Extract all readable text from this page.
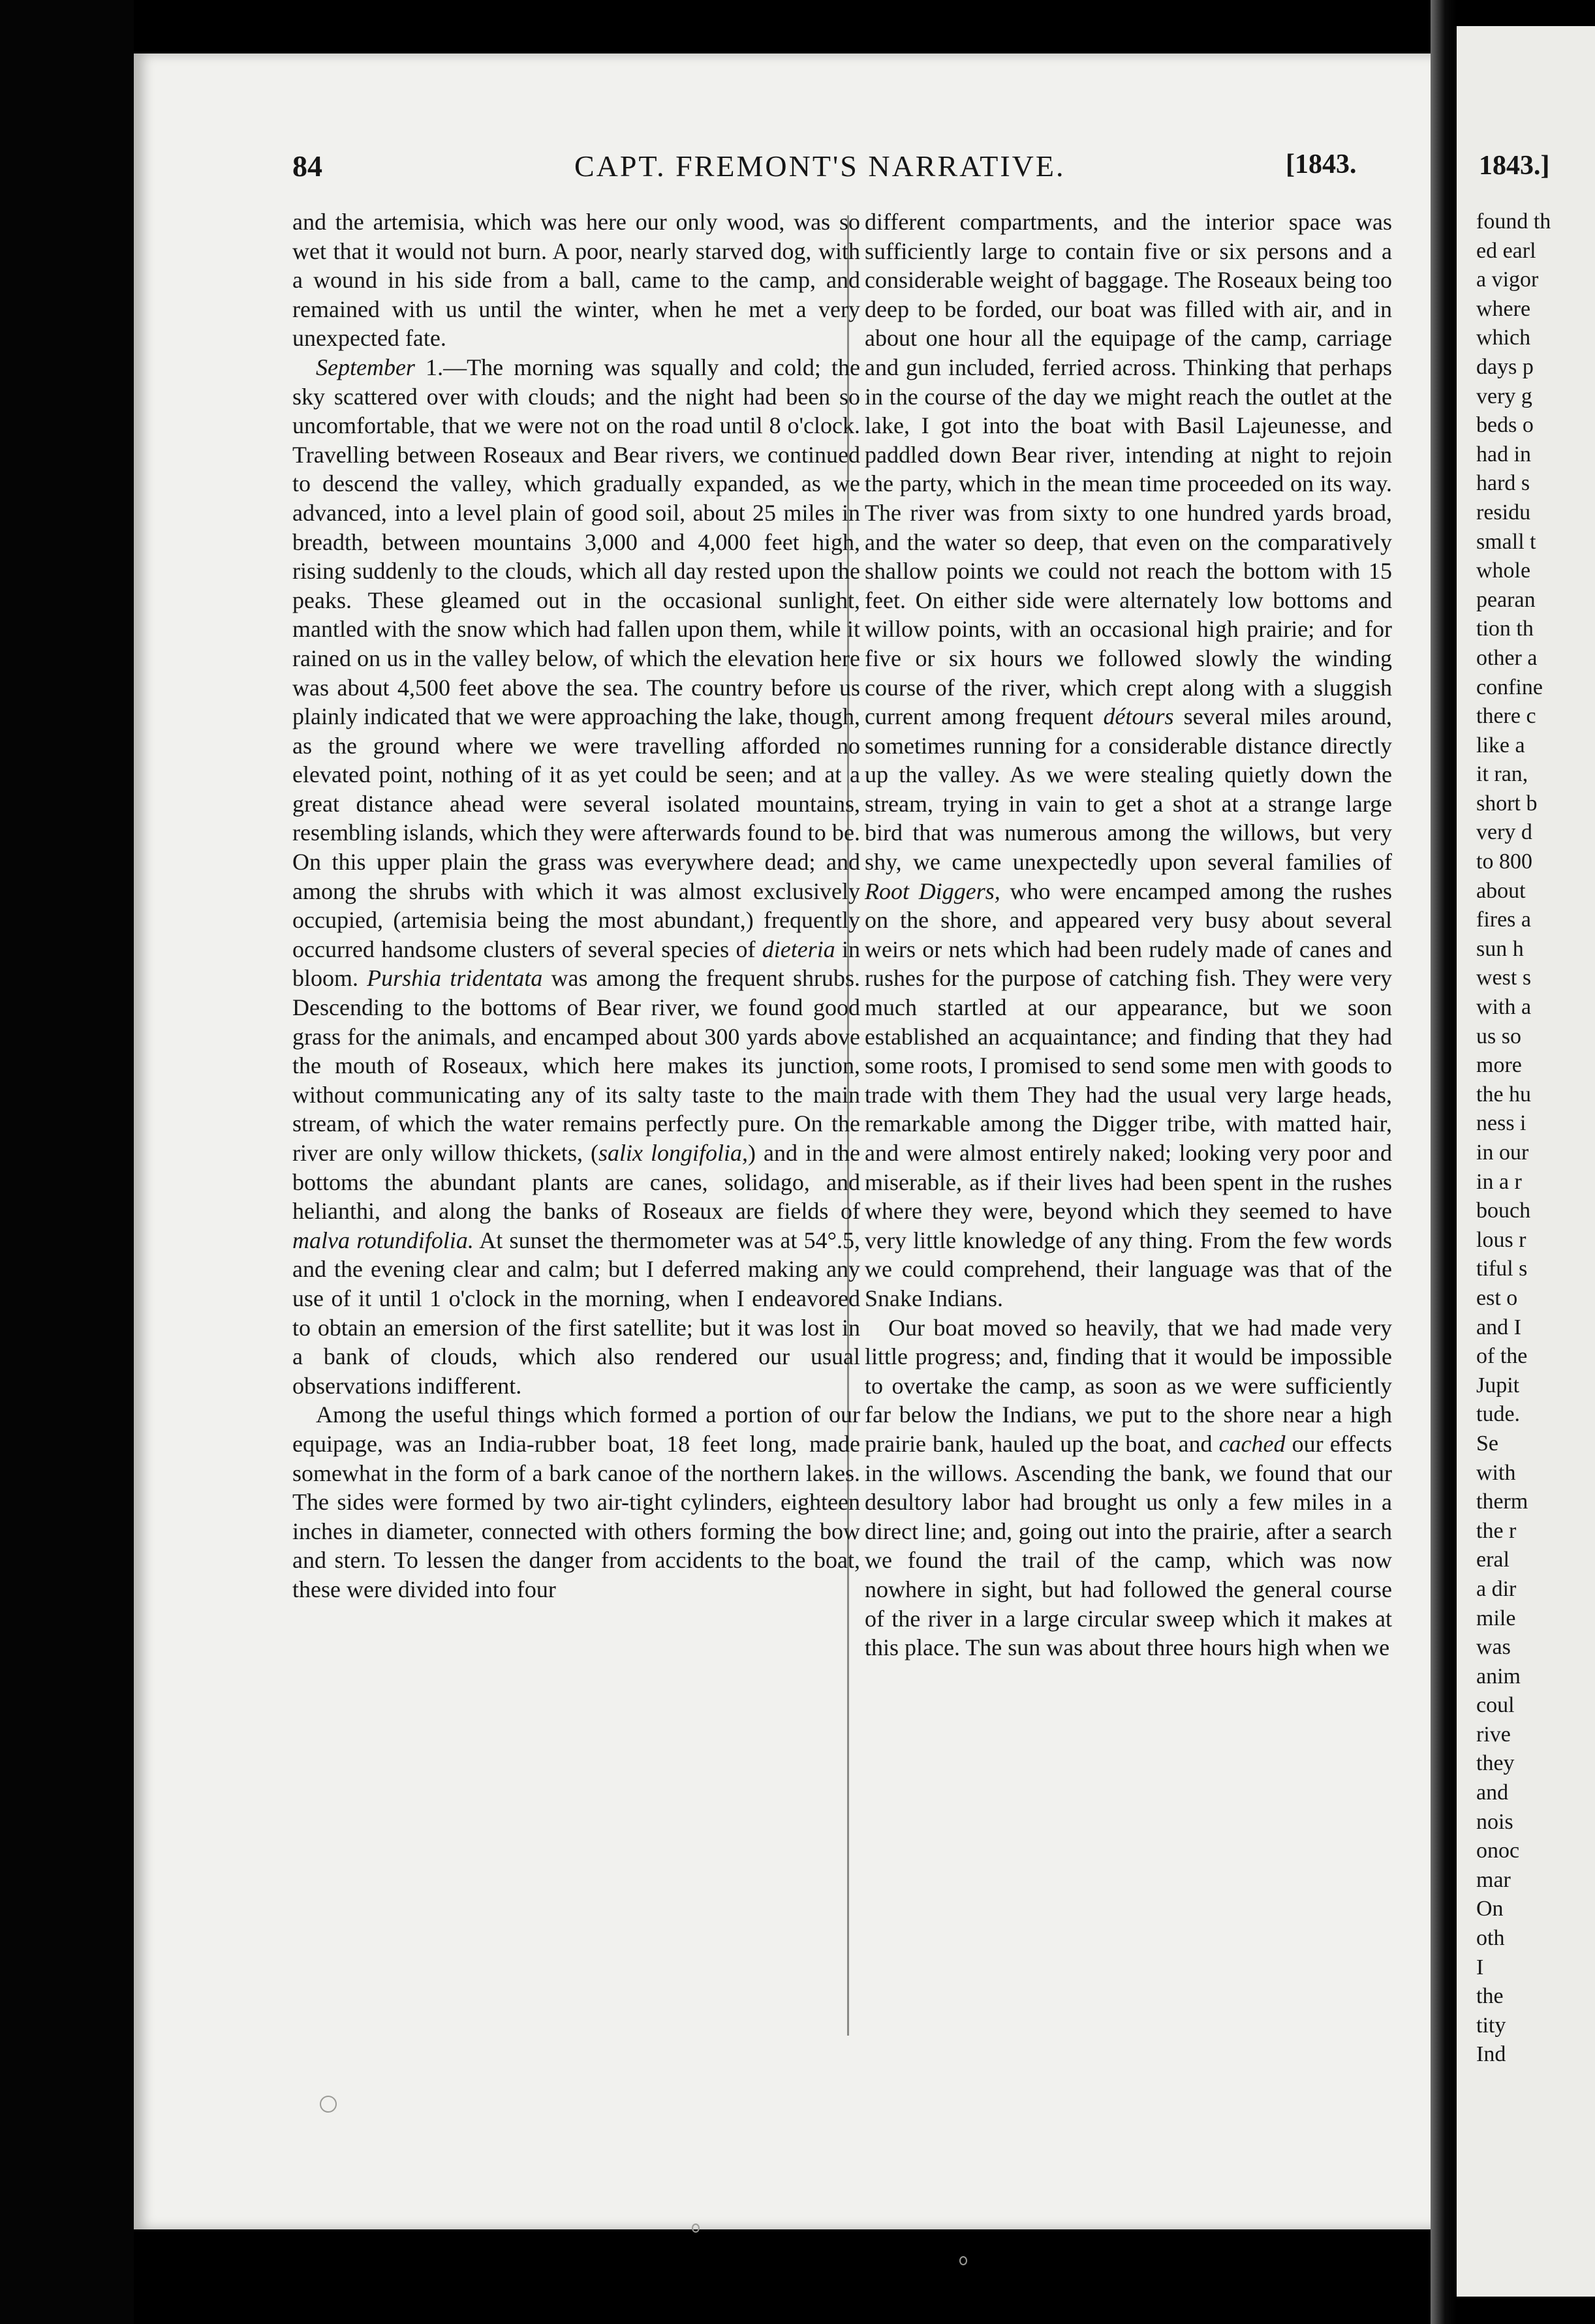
84	CAPT. FREMONT'S NARRATIVE.	[1843.

and the artemisia, which was here our only wood, was so wet that it would not burn. A poor, nearly starved dog, with a wound in his side from a ball, came to the camp, and remained with us until the winter, when he met a very unexpected fate.

September 1.—The morning was squally and cold; the sky scattered over with clouds; and the night had been so uncomfortable, that we were not on the road until 8 o'clock. Travelling between Roseaux and Bear rivers, we continued to descend the valley, which gradually expanded, as we advanced, into a level plain of good soil, about 25 miles in breadth, between mountains 3,000 and 4,000 feet high, rising suddenly to the clouds, which all day rested upon the peaks. These gleamed out in the occasional sunlight, mantled with the snow which had fallen upon them, while it rained on us in the valley below, of which the elevation here was about 4,500 feet above the sea. The country before us plainly indicated that we were approaching the lake, though, as the ground where we were travelling afforded no elevated point, nothing of it as yet could be seen; and at a great distance ahead were several isolated mountains, resembling islands, which they were afterwards found to be. On this upper plain the grass was everywhere dead; and among the shrubs with which it was almost exclusively occupied, (artemisia being the most abundant,) frequently occurred handsome clusters of several species of dieteria in bloom. Purshia tridentata was among the frequent shrubs. Descending to the bottoms of Bear river, we found good grass for the animals, and encamped about 300 yards above the mouth of Roseaux, which here makes its junction, without communicating any of its salty taste to the main stream, of which the water remains perfectly pure. On the river are only willow thickets, (salix longifolia,) and in the bottoms the abundant plants are canes, solidago, and helianthi, and along the banks of Roseaux are fields of malva rotundifolia. At sunset the thermometer was at 54°.5, and the evening clear and calm; but I deferred making any use of it until 1 o'clock in the morning, when I endeavored to obtain an emersion of the first satellite; but it was lost in a bank of clouds, which also rendered our usual observations indifferent.

Among the useful things which formed a portion of our equipage, was an India-rubber boat, 18 feet long, made somewhat in the form of a bark canoe of the northern lakes. The sides were formed by two air-tight cylinders, eighteen inches in diameter, connected with others forming the bow and stern. To lessen the danger from accidents to the boat, these were divided into four

different compartments, and the interior space was sufficiently large to contain five or six persons and a considerable weight of baggage. The Roseaux being too deep to be forded, our boat was filled with air, and in about one hour all the equipage of the camp, carriage and gun included, ferried across. Thinking that perhaps in the course of the day we might reach the outlet at the lake, I got into the boat with Basil Lajeunesse, and paddled down Bear river, intending at night to rejoin the party, which in the mean time proceeded on its way. The river was from sixty to one hundred yards broad, and the water so deep, that even on the comparatively shallow points we could not reach the bottom with 15 feet. On either side were alternately low bottoms and willow points, with an occasional high prairie; and for five or six hours we followed slowly the winding course of the river, which crept along with a sluggish current among frequent détours several miles around, sometimes running for a considerable distance directly up the valley. As we were stealing quietly down the stream, trying in vain to get a shot at a strange large bird that was numerous among the willows, but very shy, we came unexpectedly upon several families of Root Diggers, who were encamped among the rushes on the shore, and appeared very busy about several weirs or nets which had been rudely made of canes and rushes for the purpose of catching fish. They were very much startled at our appearance, but we soon established an acquaintance; and finding that they had some roots, I promised to send some men with goods to trade with them They had the usual very large heads, remarkable among the Digger tribe, with matted hair, and were almost entirely naked; looking very poor and miserable, as if their lives had been spent in the rushes where they were, beyond which they seemed to have very little knowledge of any thing. From the few words we could comprehend, their language was that of the Snake Indians.

Our boat moved so heavily, that we had made very little progress; and, finding that it would be impossible to overtake the camp, as soon as we were sufficiently far below the Indians, we put to the shore near a high prairie bank, hauled up the boat, and cached our effects in the willows. Ascending the bank, we found that our desultory labor had brought us only a few miles in a direct line; and, going out into the prairie, after a search we found the trail of the camp, which was now nowhere in sight, but had followed the general course of the river in a large circular sweep which it makes at this place. The sun was about three hours high when we

1843.]
found th
ed earl
a vigor
where
which
days p
very g
beds o
had in
hard s
residu
small t
whole
pearan
tion th
other a
confine
there c
like a
it ran,
short b
very d
to 800
about
fires a
sun h
west s
with a
us so
more
the hu
ness i
in our
in a r
bouch
lous r
tiful s
est o
and I
of the
Jupit
tude.
Se
with
therm
the r
eral
a dir
mile
was
anim
coul
rive
they
and
nois
onoc
mar
On
oth
I
the
tity
Ind
